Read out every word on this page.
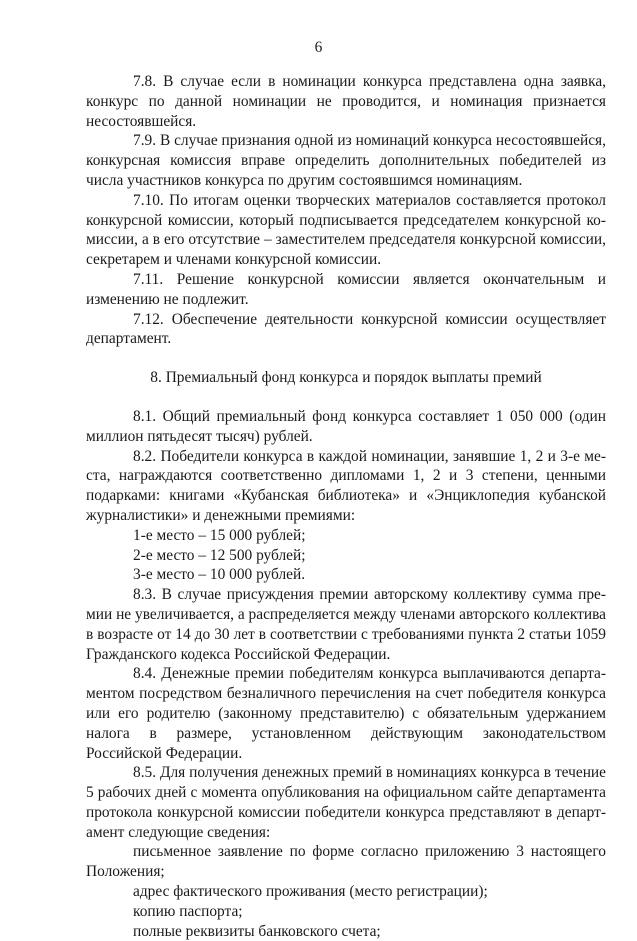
6

7.8. В случае если в номинации конкурса представлена одна заявка, конкурс по данной номинации не проводится, и номинация признается несостоявшейся.

7.9. В случае признания одной из номинаций конкурса несостоявшейся, конкурсная комиссия вправе определить дополнительных победителей из числа участников конкурса по другим состоявшимся номинациям.

7.10. По итогам оценки творческих материалов составляется протокол конкурсной комиссии, который подписывается председателем конкурсной комиссии, а в его отсутствие – заместителем председателя конкурсной комиссии, секретарем и членами конкурсной комиссии.

7.11. Решение конкурсной комиссии является окончательным и изменению не подлежит.

7.12. Обеспечение деятельности конкурсной комиссии осуществляет департамент.

8. Премиальный фонд конкурса и порядок выплаты премий

8.1. Общий премиальный фонд конкурса составляет 1 050 000 (один миллион пятьдесят тысяч) рублей.

8.2. Победители конкурса в каждой номинации, занявшие 1, 2 и 3-е места, награждаются соответственно дипломами 1, 2 и 3 степени, ценными подарками: книгами «Кубанская библиотека» и «Энциклопедия кубанской журналистики» и денежными премиями:

1-е место – 15 000 рублей;

2-е место – 12 500 рублей;

3-е место – 10 000 рублей.

8.3. В случае присуждения премии авторскому коллективу сумма премии не увеличивается, а распределяется между членами авторского коллектива в возрасте от 14 до 30 лет в соответствии с требованиями пункта 2 статьи 1059 Гражданского кодекса Российской Федерации.

8.4. Денежные премии победителям конкурса выплачиваются департаментом посредством безналичного перечисления на счет победителя конкурса или его родителю (законному представителю) с обязательным удержанием налога в размере, установленном действующим законодательством Российской Федерации.

8.5. Для получения денежных премий в номинациях конкурса в течение 5 рабочих дней с момента опубликования на официальном сайте департамента протокола конкурсной комиссии победители конкурса представляют в департамент следующие сведения:

письменное заявление по форме согласно приложению 3 настоящего Положения;

адрес фактического проживания (место регистрации);

копию паспорта;

полные реквизиты банковского счета;
